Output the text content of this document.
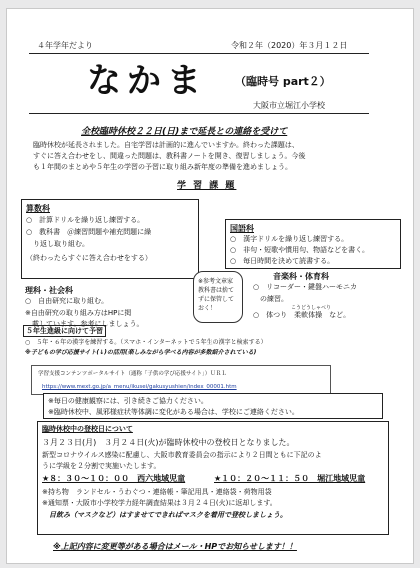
４年学年だより	令和２年（2020）年３月１２日
なかま	（臨時号 part２）
大阪市立堀江小学校
全校臨時休校２２日(日)まで延長との連絡を受けて
臨時休校が延長されました。自宅学習は計画的に進んでいますか。終わった課題は、
すぐに答え合わせをし、間違った問題は、教科書ノートを開き、復習しましょう。今後
も１年間のまとめや５年生の学習の予習に取り組み新年度の準備を進めましょう。
学 習 課 題
算数科
○　計算ドリルを繰り返し練習する。
○　教科書　＠練習問題や補充問題に繰
　り返し取り組む。
（終わったらすぐに答え合わせをする）
国語科
○　漢字ドリルを繰り返し練習する。
○　非句・短歌や慣用句、物語などを書く。
○　毎日時間を決めて読書する。
※参考文章家
教科書は捨て
ずに保管して
おく！
理科・社会科
○　自由研究に取り組む。
※自由研究の取り組み方はHPに掲
　載しています。参考にしましょう。
音楽科・体育科
○　リコーダー・鍵盤ハーモニカ
　の練習。
こうどうしゃべり
○　体つり　柔軟体操　など。
５年生進級に向けて予習
○　５年・６年の漢字を練習する。（スマホ・インターネットで５年生の漢字と検索する）
※子どもの学び応援サイト(↓)の活用(楽しみながら学べる内容が多数紹介されている)
学習支援コンテンツポータルサイト（通称「子供の学び応援サイト」）ＵＲＬ
https://www.mext.go.jp/a_menu/ikusei/gakusyushien/index_00001.htm
※毎日の健康観察には、引き続きご協力ください。
※臨時休校中、風邪様症状等体調に変化がある場合は、学校にご連絡ください。
臨時休校中の登校日について
３月２３日(月)　３月２４日(火)が臨時休校中の登校日となりました。
新型コロナウイルス感染に配慮し、大阪市教育委員会の指示により２日間ともに下記のよ
うに学級を２分割で実施いたします。
★８：３０～１０：００　西六地域児童	★１０：２０～１１：５０　堀江地域児童
※持ち物　ランドセル・うわぐつ・連絡帳・筆記用具・連絡袋・荷物用袋
※通知票・大阪市小学校学力経年調査結果は３月２４日(火)に返却します。
　目飲み（マスクなど）はすませてできればマスクを着用で登校しましょう。
※上記内容に変更等がある場合はメール・HPでお知らせします！！
